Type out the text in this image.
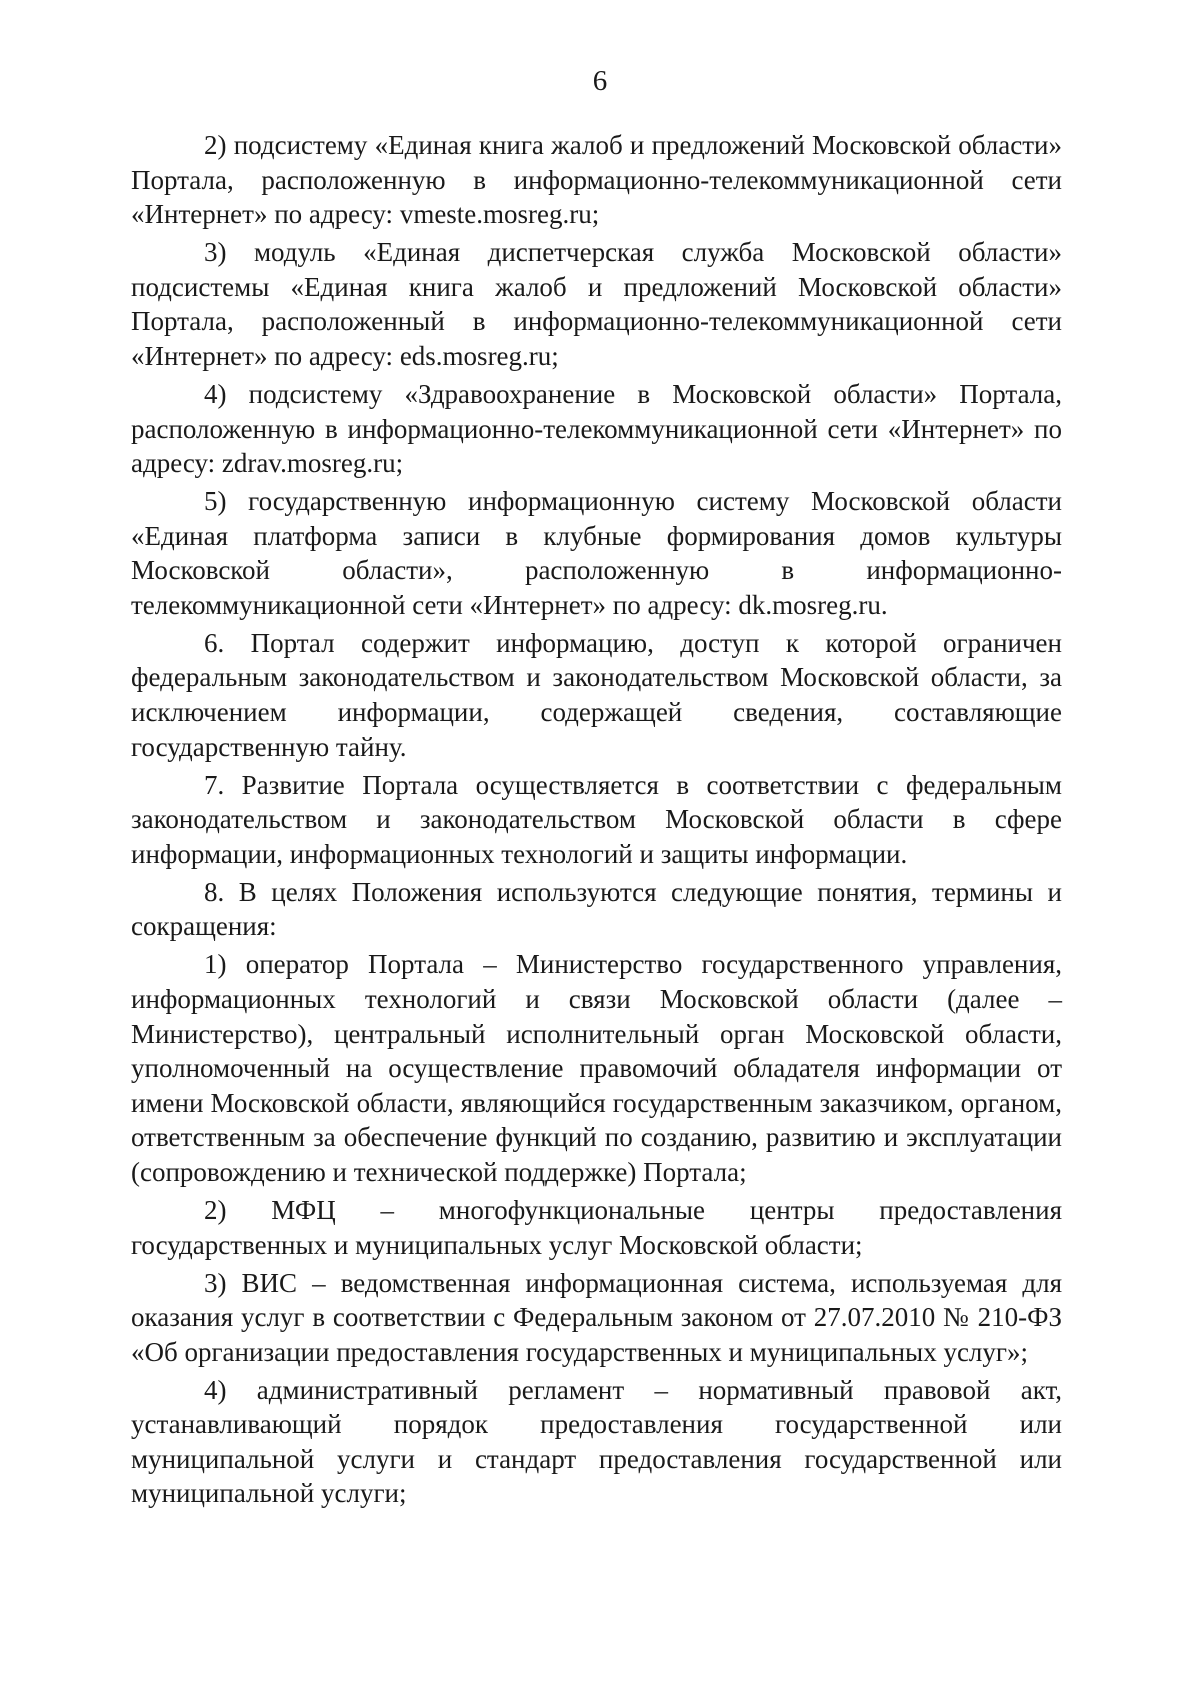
6

2) подсистему «Единая книга жалоб и предложений Московской области» Портала, расположенную в информационно-телекоммуникационной сети «Интернет» по адресу: vmeste.mosreg.ru;

3) модуль «Единая диспетчерская служба Московской области» подсистемы «Единая книга жалоб и предложений Московской области» Портала, расположенный в информационно-телекоммуникационной сети «Интернет» по адресу: eds.mosreg.ru;

4) подсистему «Здравоохранение в Московской области» Портала, расположенную в информационно-телекоммуникационной сети «Интернет» по адресу: zdrav.mosreg.ru;

5) государственную информационную систему Московской области «Единая платформа записи в клубные формирования домов культуры Московской области», расположенную в информационно-телекоммуникационной сети «Интернет» по адресу: dk.mosreg.ru.

6. Портал содержит информацию, доступ к которой ограничен федеральным законодательством и законодательством Московской области, за исключением информации, содержащей сведения, составляющие государственную тайну.

7. Развитие Портала осуществляется в соответствии с федеральным законодательством и законодательством Московской области в сфере информации, информационных технологий и защиты информации.

8. В целях Положения используются следующие понятия, термины и сокращения:

1) оператор Портала – Министерство государственного управления, информационных технологий и связи Московской области (далее – Министерство), центральный исполнительный орган Московской области, уполномоченный на осуществление правомочий обладателя информации от имени Московской области, являющийся государственным заказчиком, органом, ответственным за обеспечение функций по созданию, развитию и эксплуатации (сопровождению и технической поддержке) Портала;

2) МФЦ – многофункциональные центры предоставления государственных и муниципальных услуг Московской области;

3) ВИС – ведомственная информационная система, используемая для оказания услуг в соответствии с Федеральным законом от 27.07.2010 № 210-ФЗ «Об организации предоставления государственных и муниципальных услуг»;

4) административный регламент – нормативный правовой акт, устанавливающий порядок предоставления государственной или муниципальной услуги и стандарт предоставления государственной или муниципальной услуги;
